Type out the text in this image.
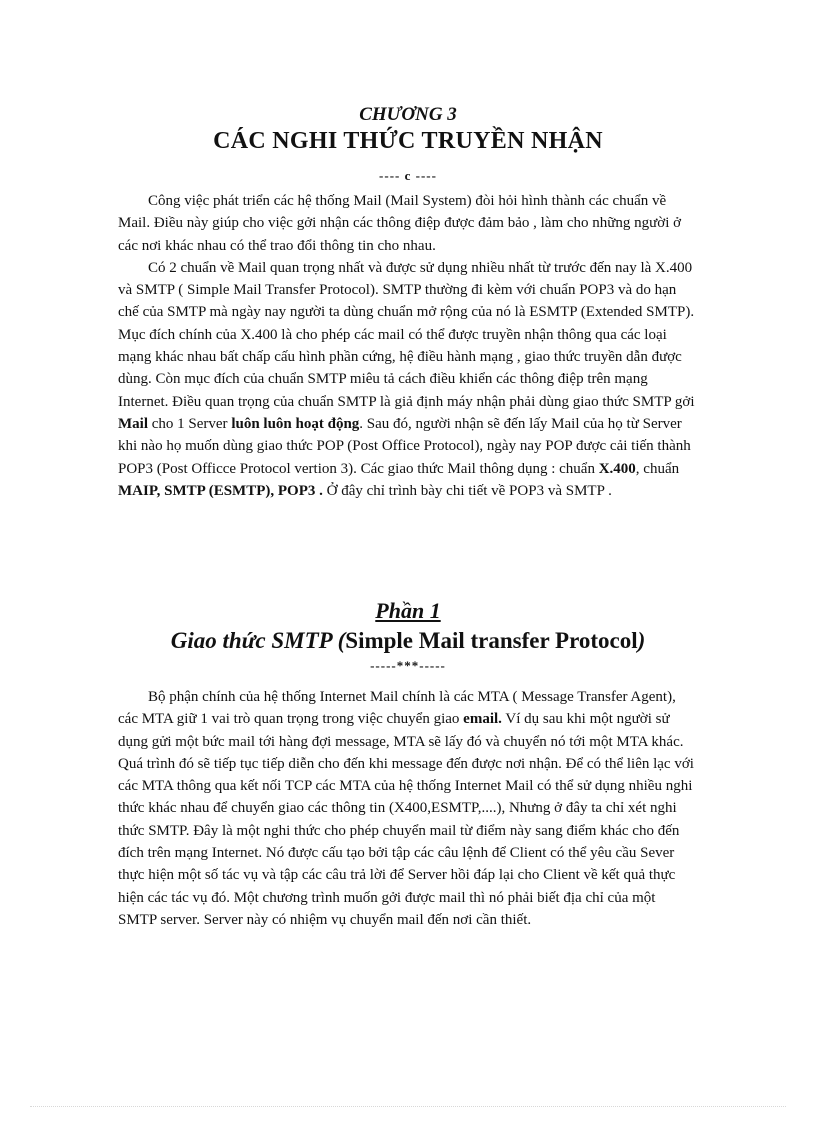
CHƯƠNG 3
CÁC NGHI THỨC TRUYỀN NHẬN
---- c ----

Công việc phát triển các hệ thống Mail (Mail System) đòi hỏi hình thành các chuẩn về Mail. Điều này giúp cho việc gởi nhận các thông điệp được đảm bảo , làm cho những người ở các nơi khác nhau có thể trao đổi thông tin cho nhau.

Có 2 chuẩn về Mail quan trọng nhất và được sử dụng nhiều nhất từ trước đến nay là X.400 và SMTP ( Simple Mail Transfer Protocol). SMTP thường đi kèm với chuẩn POP3 và do hạn chế của SMTP mà ngày nay người ta dùng chuẩn mở rộng của nó là ESMTP (Extended SMTP). Mục đích chính của X.400 là cho phép các mail có thể được truyền nhận thông qua các loại mạng khác nhau bất chấp cấu hình phần cứng, hệ điều hành mạng , giao thức truyền dẫn được dùng. Còn mục đích của chuẩn SMTP miêu tả cách điều khiển các thông điệp trên mạng Internet. Điều quan trọng của chuẩn SMTP là giả định máy nhận phải dùng giao thức SMTP gởi Mail cho 1 Server luôn luôn hoạt động. Sau đó, người nhận sẽ đến lấy Mail của họ từ Server khi nào họ muốn dùng giao thức POP (Post Office Protocol), ngày nay POP được cải tiến thành POP3 (Post Officce Protocol vertion 3). Các giao thức Mail thông dụng : chuẩn X.400, chuẩn MAIP, SMTP (ESMTP), POP3 . Ở đây chỉ trình bày chi tiết về POP3 và SMTP .

Phần 1
Giao thức SMTP (Simple Mail transfer Protocol)
-----***-----

Bộ phận chính của hệ thống Internet Mail chính là các MTA ( Message Transfer Agent), các MTA giữ 1 vai trò quan trọng trong việc chuyển giao email. Ví dụ sau khi một người sử dụng gửi một bức mail tới hàng đợi message, MTA sẽ lấy đó và chuyển nó tới một MTA khác. Quá trình đó sẽ tiếp tục tiếp diễn cho đến khi message đến được nơi nhận. Để có thể liên lạc với các MTA thông qua kết nối TCP các MTA của hệ thống Internet Mail có thể sử dụng nhiều nghi thức khác nhau để chuyển giao các thông tin (X400,ESMTP,....), Nhưng ở đây ta chỉ xét nghi thức SMTP. Đây là một nghi thức cho phép chuyển mail từ điểm này sang điểm khác cho đến đích trên mạng Internet. Nó được cấu tạo bởi tập các câu lệnh để Client có thể yêu cầu Sever thực hiện một số tác vụ và tập các câu trả lời để Server hồi đáp lại cho Client về kết quả thực hiện các tác vụ đó. Một chương trình muốn gởi được mail thì nó phải biết địa chỉ của một SMTP server. Server này có nhiệm vụ chuyển mail đến nơi cần thiết.
